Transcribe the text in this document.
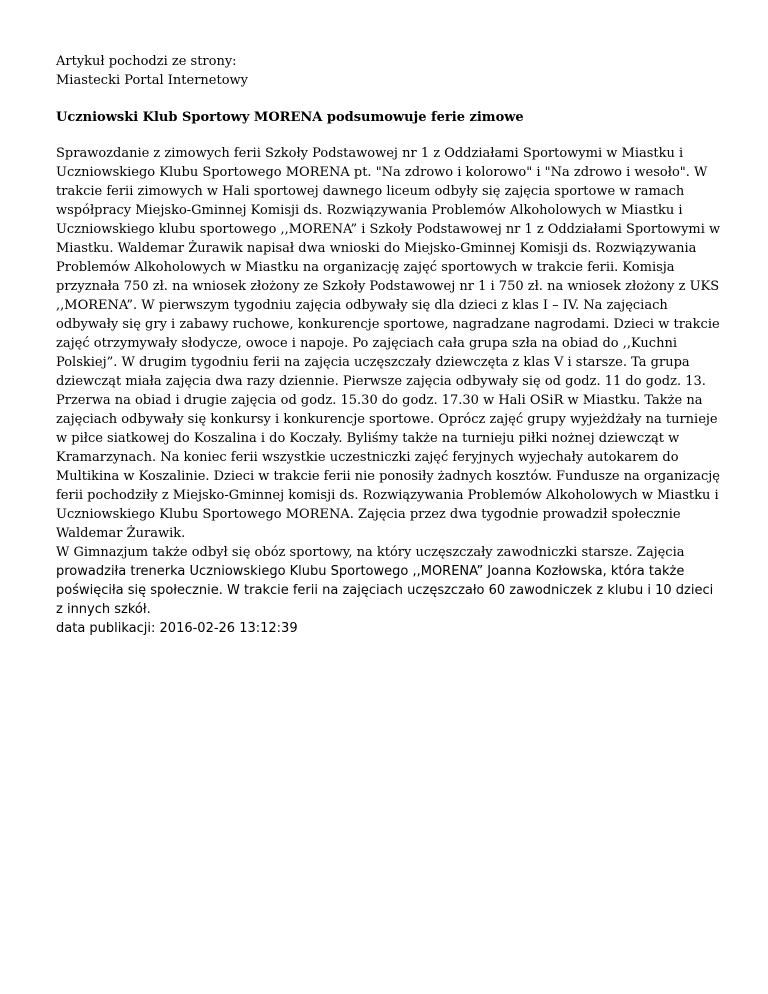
Artykuł pochodzi ze strony:
Miastecki Portal Internetowy
Uczniowski Klub Sportowy MORENA podsumowuje ferie zimowe
Sprawozdanie z zimowych ferii Szkoły Podstawowej nr 1 z Oddziałami Sportowymi w Miastku i
Uczniowskiego Klubu Sportowego MORENA pt. "Na zdrowo i kolorowo" i "Na zdrowo i wesoło". W
trakcie ferii zimowych w Hali sportowej dawnego liceum odbyły się zajęcia sportowe w ramach
współpracy Miejsko-Gminnej Komisji ds. Rozwiązywania Problemów Alkoholowych w Miastku i
Uczniowskiego klubu sportowego ,,MORENA” i Szkoły Podstawowej nr 1 z Oddziałami Sportowymi w
Miastku. Waldemar Żurawik napisał dwa wnioski do Miejsko-Gminnej Komisji ds. Rozwiązywania
Problemów Alkoholowych w Miastku na organizację zajęć sportowych w trakcie ferii. Komisja
przyznała 750 zł. na wniosek złożony ze Szkoły Podstawowej nr 1 i 750 zł. na wniosek złożony z UKS
,,MORENA”. W pierwszym tygodniu zajęcia odbywały się dla dzieci z klas I – IV. Na zajęciach
odbywały się gry i zabawy ruchowe, konkurencje sportowe, nagradzane nagrodami. Dzieci w trakcie
zajęć otrzymywały słodycze, owoce i napoje. Po zajęciach cała grupa szła na obiad do ,,Kuchni
Polskiej”. W drugim tygodniu ferii na zajęcia uczęszczały dziewczęta z klas V i starsze. Ta grupa
dziewcząt miała zajęcia dwa razy dziennie. Pierwsze zajęcia odbywały się od godz. 11 do godz. 13.
Przerwa na obiad i drugie zajęcia od godz. 15.30 do godz. 17.30 w Hali OSiR w Miastku. Także na
zajęciach odbywały się konkursy i konkurencje sportowe. Oprócz zajęć grupy wyjeżdżały na turnieje
w piłce siatkowej do Koszalina i do Koczały. Byliśmy także na turnieju piłki nożnej dziewcząt w
Kramarzynach. Na koniec ferii wszystkie uczestniczki zajęć feryjnych wyjechały autokarem do
Multikina w Koszalinie. Dzieci w trakcie ferii nie ponosiły żadnych kosztów. Fundusze na organizację
ferii pochodziły z Miejsko-Gminnej komisji ds. Rozwiązywania Problemów Alkoholowych w Miastku i
Uczniowskiego Klubu Sportowego MORENA. Zajęcia przez dwa tygodnie prowadził społecznie
Waldemar Żurawik.
W Gimnazjum także odbył się obóz sportowy, na który uczęszczały zawodniczki starsze. Zajęcia
prowadziła trenerka Uczniowskiego Klubu Sportowego ,,MORENA” Joanna Kozłowska, która także
poświęciła się społecznie. W trakcie ferii na zajęciach uczęszczało 60 zawodniczek z klubu i 10 dzieci
z innych szkół.
data publikacji: 2016-02-26 13:12:39
